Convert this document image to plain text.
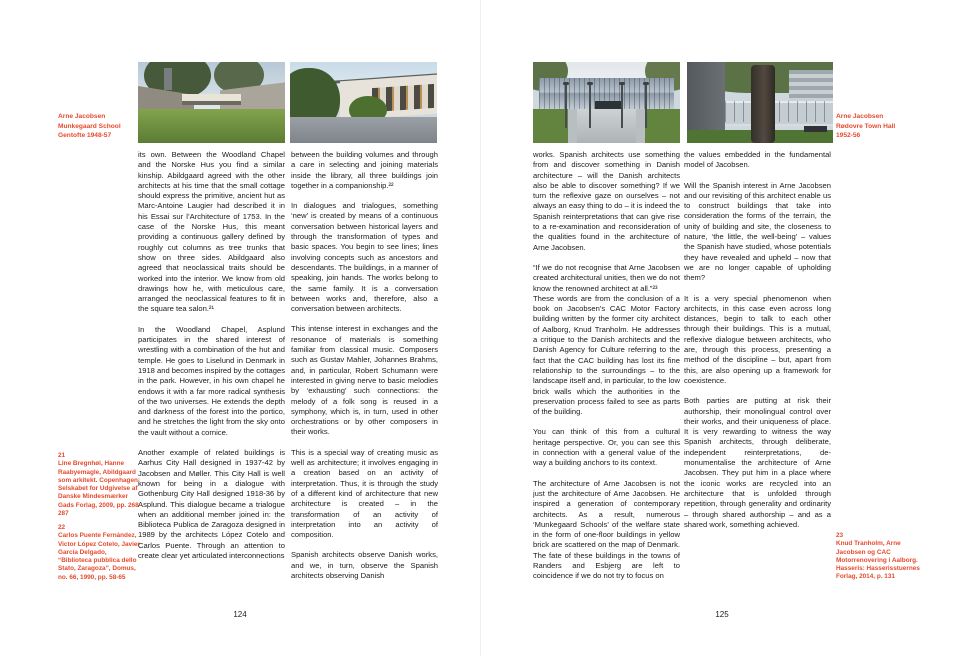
Arne Jacobsen
Munkegaard School
Gentofte 1948-57

its own. Between the Woodland Chapel and the Norske Hus you find a similar kinship. Abildgaard agreed with the other architects at his time that the small cottage should express the primitive, ancient hut as Marc-Antoine Laugier had described it in his Essai sur l’Architecture of 1753. In the case of the Norske Hus, this meant providing a continuous gallery defined by roughly cut columns as tree trunks that show on three sides. Abildgaard also agreed that neoclassical traits should be worked into the interior. We know from old drawings how he, with meticulous care, arranged the neoclassical features to fit in the square tea salon.²¹

In the Woodland Chapel, Asplund participates in the shared interest of wrestling with a combination of the hut and temple. He goes to Liselund in Denmark in 1918 and becomes inspired by the cottages in the park. However, in his own chapel he endows it with a far more radical synthesis of the two universes. He extends the depth and darkness of the forest into the portico, and he stretches the light from the sky onto the vault without a cornice.

Another example of related buildings is Aarhus City Hall designed in 1937-42 by Jacobsen and Møller. This City Hall is well known for being in a dialogue with Gothenburg City Hall designed 1918-36 by Asplund. This dialogue became a trialogue when an additional member joined in: the Biblioteca Publica de Zaragoza designed in 1989 by the architects López Cotelo and Carlos Puente. Through an attention to create clear yet articulated interconnections

between the building volumes and through a care in selecting and joining materials inside the library, all three buildings join together in a companionship.²²

In dialogues and trialogues, something ‘new’ is created by means of a continuous conversation between historical layers and through the transformation of types and basic spaces. You begin to see lines; lines involving concepts such as ancestors and descendants. The buildings, in a manner of speaking, join hands. The works belong to the same family. It is a conversation between works and, therefore, also a conversation between architects.

This intense interest in exchanges and the resonance of materials is something familiar from classical music. Composers such as Gustav Mahler, Johannes Brahms, and, in particular, Robert Schumann were interested in giving nerve to basic melodies by ‘exhausting’ such connections: the melody of a folk song is reused in a symphony, which is, in turn, used in other orchestrations or by other composers in their works.

This is a special way of creating music as well as architecture; it involves engaging in a creation based on an activity of interpretation. Thus, it is through the study of a different kind of architecture that new architecture is created – in the transformation of an activity of interpretation into an activity of composition.

Spanish architects observe Danish works, and we, in turn, observe the Spanish architects observing Danish

21
Line Bregnhøi, Hanne Raabyemagle, Abildgaard som arkitekt. Copenhagen: Selskabet for Udgivelse af Danske Mindesmærker Gads Forlag, 2009, pp. 268-287
22
Carlos Puente Fernández, Victor López Cotelo, Javier García Delgado, “Biblioteca pubblica dello Stato, Zaragoza”, Domus, no. 66, 1990, pp. 58-65
124
Arne Jacobsen
Rødovre Town Hall
1952-56

works. Spanish architects use something from and discover something in Danish architecture – will the Danish architects also be able to discover something? If we turn the reflexive gaze on ourselves – not always an easy thing to do – it is indeed the Spanish reinterpretations that can give rise to a re-examination and reconsideration of the qualities found in the architecture of Arne Jacobsen.

“If we do not recognise that Arne Jacobsen created architectural unities, then we do not know the renowned architect at all.”²³

These words are from the conclusion of a book on Jacobsen’s CAC Motor Factory building written by the former city architect of Aalborg, Knud Tranholm. He addresses a critique to the Danish architects and the Danish Agency for Culture referring to the fact that the CAC building has lost its fine relationship to the surroundings – to the landscape itself and, in particular, to the low brick walls which the authorities in the preservation process failed to see as parts of the building.

You can think of this from a cultural heritage perspective. Or, you can see this in connection with a general value of the way a building anchors to its context.

The architecture of Arne Jacobsen is not just the architecture of Arne Jacobsen. He inspired a generation of contemporary architects. As a result, numerous ‘Munkegaard Schools’ of the welfare state in the form of one-floor buildings in yellow brick are scattered on the map of Denmark. The fate of these buildings in the towns of Randers and Esbjerg are left to coincidence if we do not try to focus on

the values embedded in the fundamental model of Jacobsen.

Will the Spanish interest in Arne Jacobsen and our revisiting of this architect enable us to construct buildings that take into consideration the forms of the terrain, the unity of building and site, the closeness to nature, ‘the little, the well-being’ – values the Spanish have studied, whose potentials they have revealed and upheld – now that we are no longer capable of upholding them?

It is a very special phenomenon when architects, in this case even across long distances, begin to talk to each other through their buildings. This is a mutual, reflexive dialogue between architects, who are, through this process, presenting a method of the discipline – but, apart from this, are also opening up a framework for coexistence.

Both parties are putting at risk their authorship, their monolingual control over their works, and their uniqueness of place. It is very rewarding to witness the way Spanish architects, through deliberate, independent reinterpretations, de-monumentalise the architecture of Arne Jacobsen. They put him in a place where the iconic works are recycled into an architecture that is unfolded through repetition, through generality and ordinarity – through shared authorship – and as a shared work, something achieved.

23
Knud Tranholm, Arne Jacobsen og CAC Motorrenovering i Aalborg. Hasseris: Hasserisstuernes Forlag, 2014, p. 131
125
